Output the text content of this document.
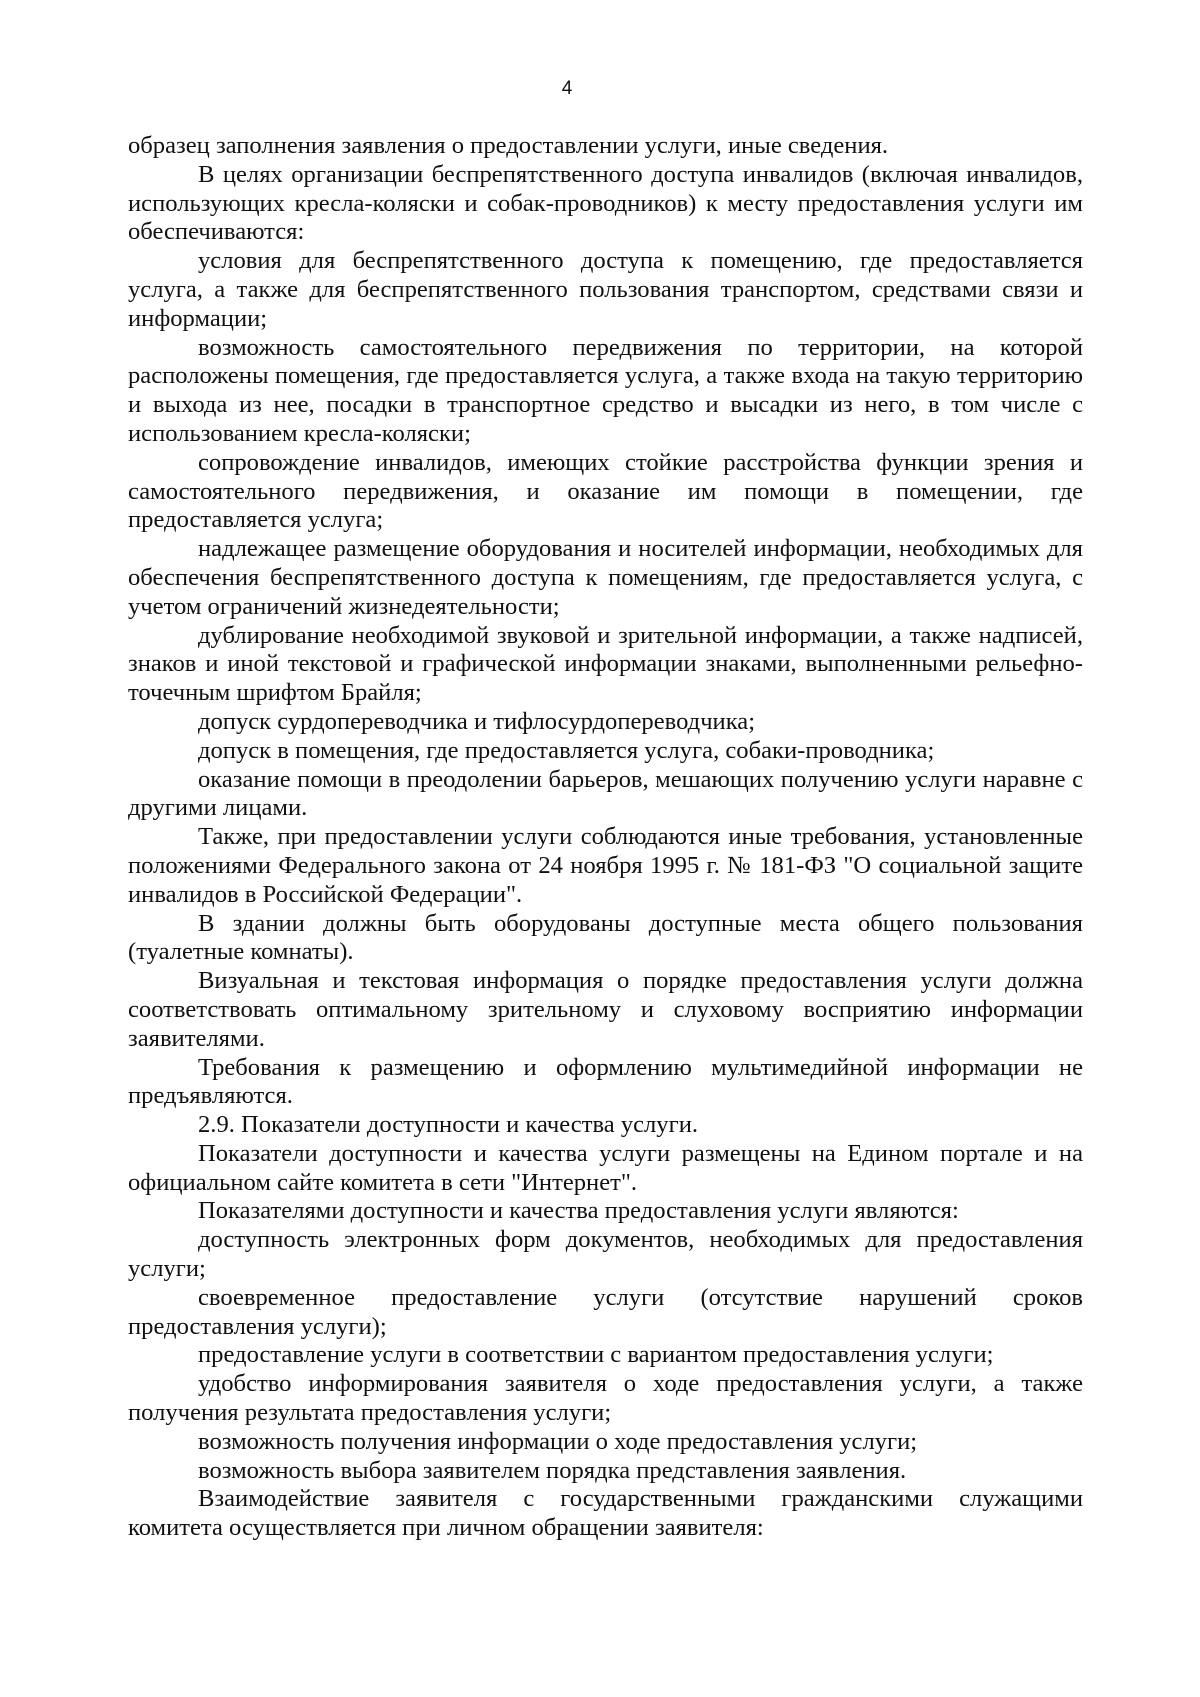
4

образец заполнения заявления о предоставлении услуги, иные сведения.

В целях организации беспрепятственного доступа инвалидов (включая инвалидов, использующих кресла-коляски и собак-проводников) к месту предоставления услуги им обеспечиваются:

условия для беспрепятственного доступа к помещению, где предоставляется услуга, а также для беспрепятственного пользования транспортом, средствами связи и информации;

возможность самостоятельного передвижения по территории, на которой расположены помещения, где предоставляется услуга, а также входа на такую территорию и выхода из нее, посадки в транспортное средство и высадки из него, в том числе с использованием кресла-коляски;

сопровождение инвалидов, имеющих стойкие расстройства функции зрения и самостоятельного передвижения, и оказание им помощи в помещении, где предоставляется услуга;

надлежащее размещение оборудования и носителей информации, необходимых для обеспечения беспрепятственного доступа к помещениям, где предоставляется услуга, с учетом ограничений жизнедеятельности;

дублирование необходимой звуковой и зрительной информации, а также надписей, знаков и иной текстовой и графической информации знаками, выполненными рельефно-точечным шрифтом Брайля;

допуск сурдопереводчика и тифлосурдопереводчика;

допуск в помещения, где предоставляется услуга, собаки-проводника;

оказание помощи в преодолении барьеров, мешающих получению услуги наравне с другими лицами.

Также, при предоставлении услуги соблюдаются иные требования, установленные положениями Федерального закона от 24 ноября 1995 г. № 181-ФЗ "О социальной защите инвалидов в Российской Федерации".

В здании должны быть оборудованы доступные места общего пользования (туалетные комнаты).

Визуальная и текстовая информация о порядке предоставления услуги должна соответствовать оптимальному зрительному и слуховому восприятию информации заявителями.

Требования к размещению и оформлению мультимедийной информации не предъявляются.

2.9. Показатели доступности и качества услуги.

Показатели доступности и качества услуги размещены на Едином портале и на официальном сайте комитета в сети "Интернет".

Показателями доступности и качества предоставления услуги являются:

доступность электронных форм документов, необходимых для предоставления услуги;

своевременное предоставление услуги (отсутствие нарушений сроков предоставления услуги);

предоставление услуги в соответствии с вариантом предоставления услуги;

удобство информирования заявителя о ходе предоставления услуги, а также получения результата предоставления услуги;

возможность получения информации о ходе предоставления услуги;

возможность выбора заявителем порядка представления заявления.

Взаимодействие заявителя с государственными гражданскими служащими комитета осуществляется при личном обращении заявителя:
